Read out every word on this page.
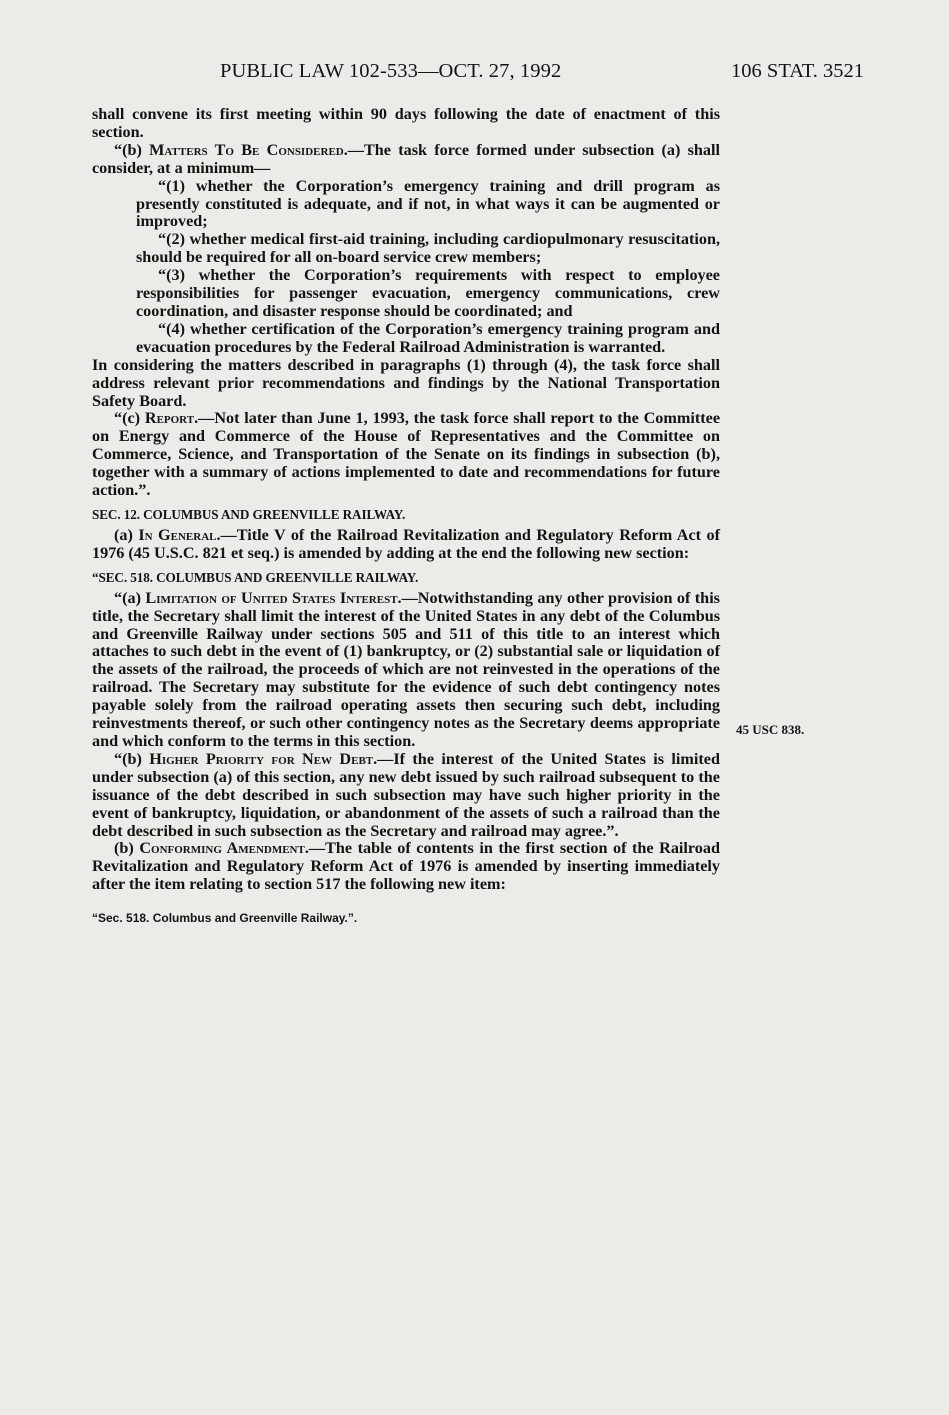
PUBLIC LAW 102-533—OCT. 27, 1992	106 STAT. 3521

shall convene its first meeting within 90 days following the date of enactment of this section.

“(b) Matters To Be Considered.—The task force formed under subsection (a) shall consider, at a minimum—

“(1) whether the Corporation’s emergency training and drill program as presently constituted is adequate, and if not, in what ways it can be augmented or improved;

“(2) whether medical first-aid training, including cardiopulmonary resuscitation, should be required for all on-board service crew members;

“(3) whether the Corporation’s requirements with respect to employee responsibilities for passenger evacuation, emergency communications, crew coordination, and disaster response should be coordinated; and

“(4) whether certification of the Corporation’s emergency training program and evacuation procedures by the Federal Railroad Administration is warranted.

In considering the matters described in paragraphs (1) through (4), the task force shall address relevant prior recommendations and findings by the National Transportation Safety Board.

“(c) Report.—Not later than June 1, 1993, the task force shall report to the Committee on Energy and Commerce of the House of Representatives and the Committee on Commerce, Science, and Transportation of the Senate on its findings in subsection (b), together with a summary of actions implemented to date and recommendations for future action.”.

SEC. 12. COLUMBUS AND GREENVILLE RAILWAY.

(a) In General.—Title V of the Railroad Revitalization and Regulatory Reform Act of 1976 (45 U.S.C. 821 et seq.) is amended by adding at the end the following new section:

“SEC. 518. COLUMBUS AND GREENVILLE RAILWAY.

“(a) Limitation of United States Interest.—Notwithstanding any other provision of this title, the Secretary shall limit the interest of the United States in any debt of the Columbus and Greenville Railway under sections 505 and 511 of this title to an interest which attaches to such debt in the event of (1) bankruptcy, or (2) substantial sale or liquidation of the assets of the railroad, the proceeds of which are not reinvested in the operations of the railroad. The Secretary may substitute for the evidence of such debt contingency notes payable solely from the railroad operating assets then securing such debt, including reinvestments thereof, or such other contingency notes as the Secretary deems appropriate and which conform to the terms in this section.

“(b) Higher Priority for New Debt.—If the interest of the United States is limited under subsection (a) of this section, any new debt issued by such railroad subsequent to the issuance of the debt described in such subsection may have such higher priority in the event of bankruptcy, liquidation, or abandonment of the assets of such a railroad than the debt described in such subsection as the Secretary and railroad may agree.”.

(b) Conforming Amendment.—The table of contents in the first section of the Railroad Revitalization and Regulatory Reform Act of 1976 is amended by inserting immediately after the item relating to section 517 the following new item:

“Sec. 518. Columbus and Greenville Railway.”.

45 USC 838.
